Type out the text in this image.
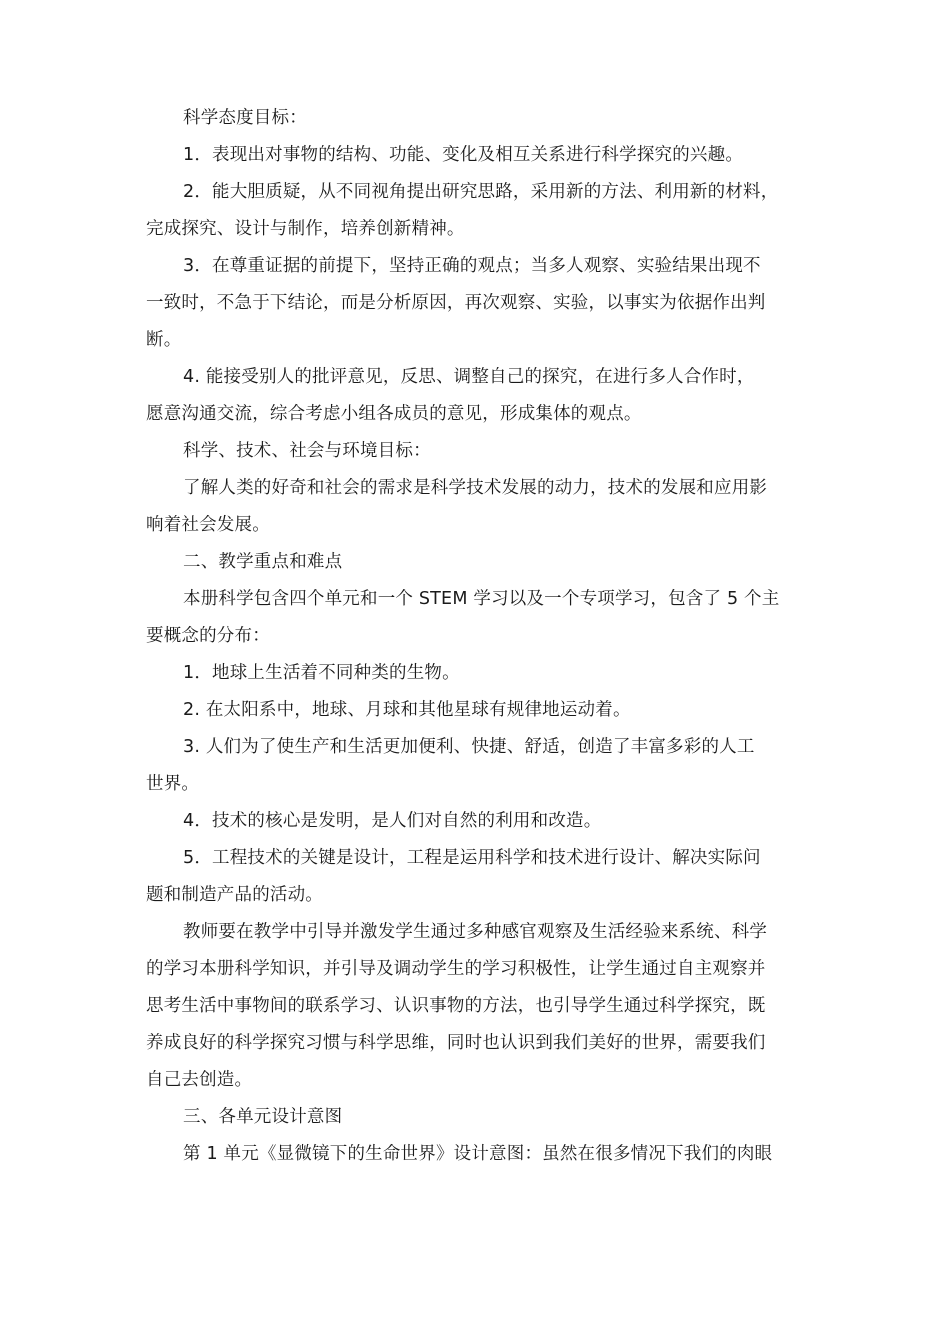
科学态度目标：
1．表现出对事物的结构、功能、变化及相互关系进行科学探究的兴趣。
2．能大胆质疑，从不同视角提出研究思路，采用新的方法、利用新的材料，
完成探究、设计与制作，培养创新精神。
3．在尊重证据的前提下，坚持正确的观点；当多人观察、实验结果出现不
一致时，不急于下结论，而是分析原因，再次观察、实验，以事实为依据作出判
断。
4. 能接受别人的批评意见，反思、调整自己的探究，在进行多人合作时，
愿意沟通交流，综合考虑小组各成员的意见，形成集体的观点。
科学、技术、社会与环境目标：
了解人类的好奇和社会的需求是科学技术发展的动力，技术的发展和应用影
响着社会发展。
二、教学重点和难点
本册科学包含四个单元和一个 STEM 学习以及一个专项学习，包含了 5 个主
要概念的分布：
1．地球上生活着不同种类的生物。
2. 在太阳系中，地球、月球和其他星球有规律地运动着。
3. 人们为了使生产和生活更加便利、快捷、舒适，创造了丰富多彩的人工
世界。
4．技术的核心是发明，是人们对自然的利用和改造。
5．工程技术的关键是设计，工程是运用科学和技术进行设计、解决实际问
题和制造产品的活动。
教师要在教学中引导并激发学生通过多种感官观察及生活经验来系统、科学
的学习本册科学知识，并引导及调动学生的学习积极性，让学生通过自主观察并
思考生活中事物间的联系学习、认识事物的方法，也引导学生通过科学探究，既
养成良好的科学探究习惯与科学思维，同时也认识到我们美好的世界，需要我们
自己去创造。
三、各单元设计意图
第 1 单元《显微镜下的生命世界》设计意图：虽然在很多情况下我们的肉眼
